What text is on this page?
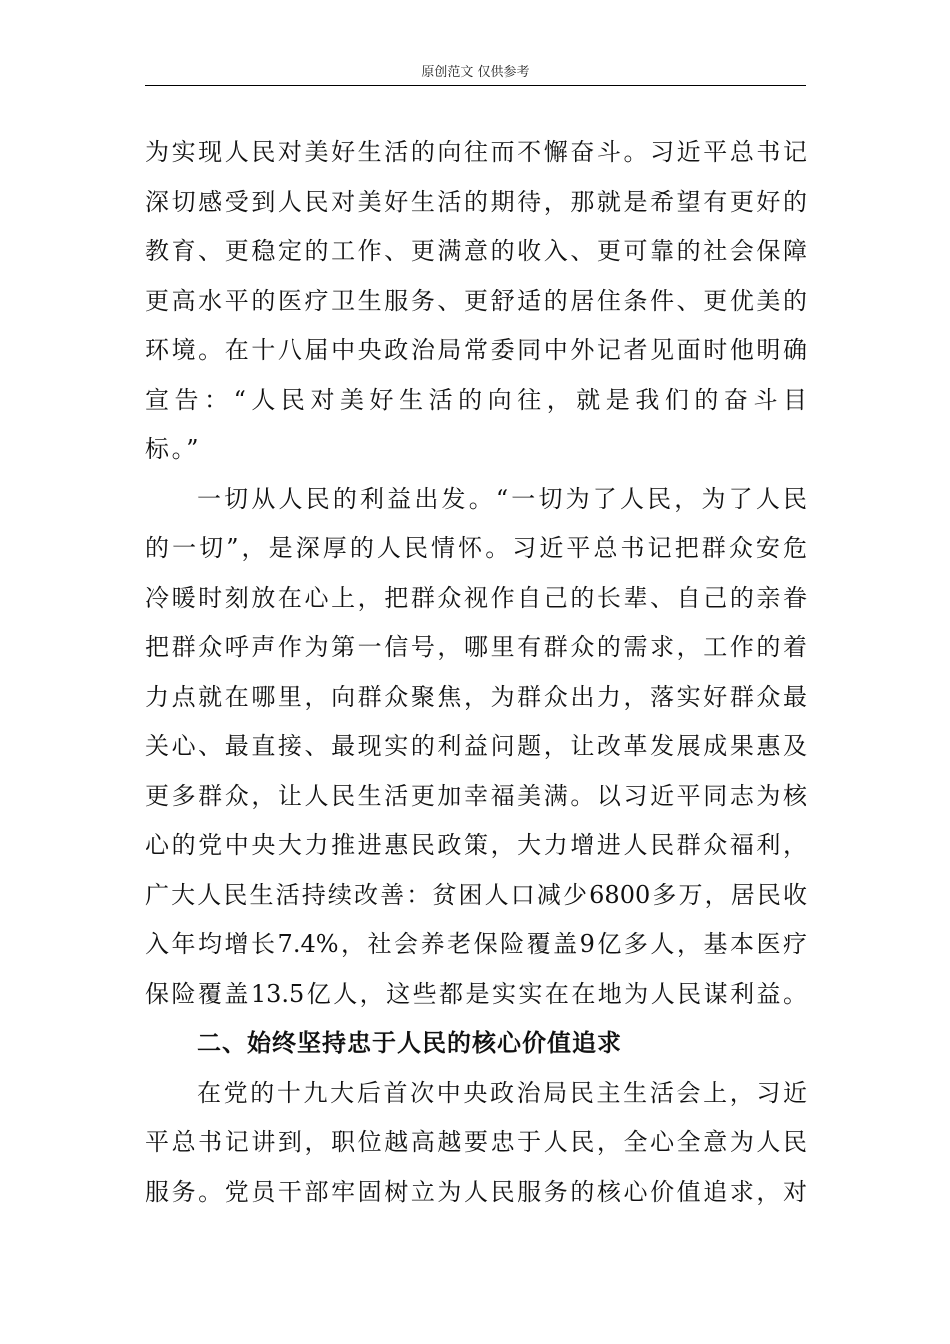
原创范文 仅供参考
为实现人民对美好生活的向往而不懈奋斗。习近平总书记
深切感受到人民对美好生活的期待，那就是希望有更好的
教育、更稳定的工作、更满意的收入、更可靠的社会保障
更高水平的医疗卫生服务、更舒适的居住条件、更优美的
环境。在十八届中央政治局常委同中外记者见面时他明确
宣告：“人民对美好生活的向往，就是我们的奋斗目
标。”
一切从人民的利益出发。“一切为了人民，为了人民
的一切”，是深厚的人民情怀。习近平总书记把群众安危
冷暖时刻放在心上，把群众视作自己的长辈、自己的亲眷
把群众呼声作为第一信号，哪里有群众的需求，工作的着
力点就在哪里，向群众聚焦，为群众出力，落实好群众最
关心、最直接、最现实的利益问题，让改革发展成果惠及
更多群众，让人民生活更加幸福美满。以习近平同志为核
心的党中央大力推进惠民政策，大力增进人民群众福利，
广大人民生活持续改善：贫困人口减少6800多万，居民收
入年均增长7.4%，社会养老保险覆盖9亿多人，基本医疗
保险覆盖13.5亿人，这些都是实实在在地为人民谋利益。
二、始终坚持忠于人民的核心价值追求
在党的十九大后首次中央政治局民主生活会上，习近
平总书记讲到，职位越高越要忠于人民，全心全意为人民
服务。党员干部牢固树立为人民服务的核心价值追求，对
